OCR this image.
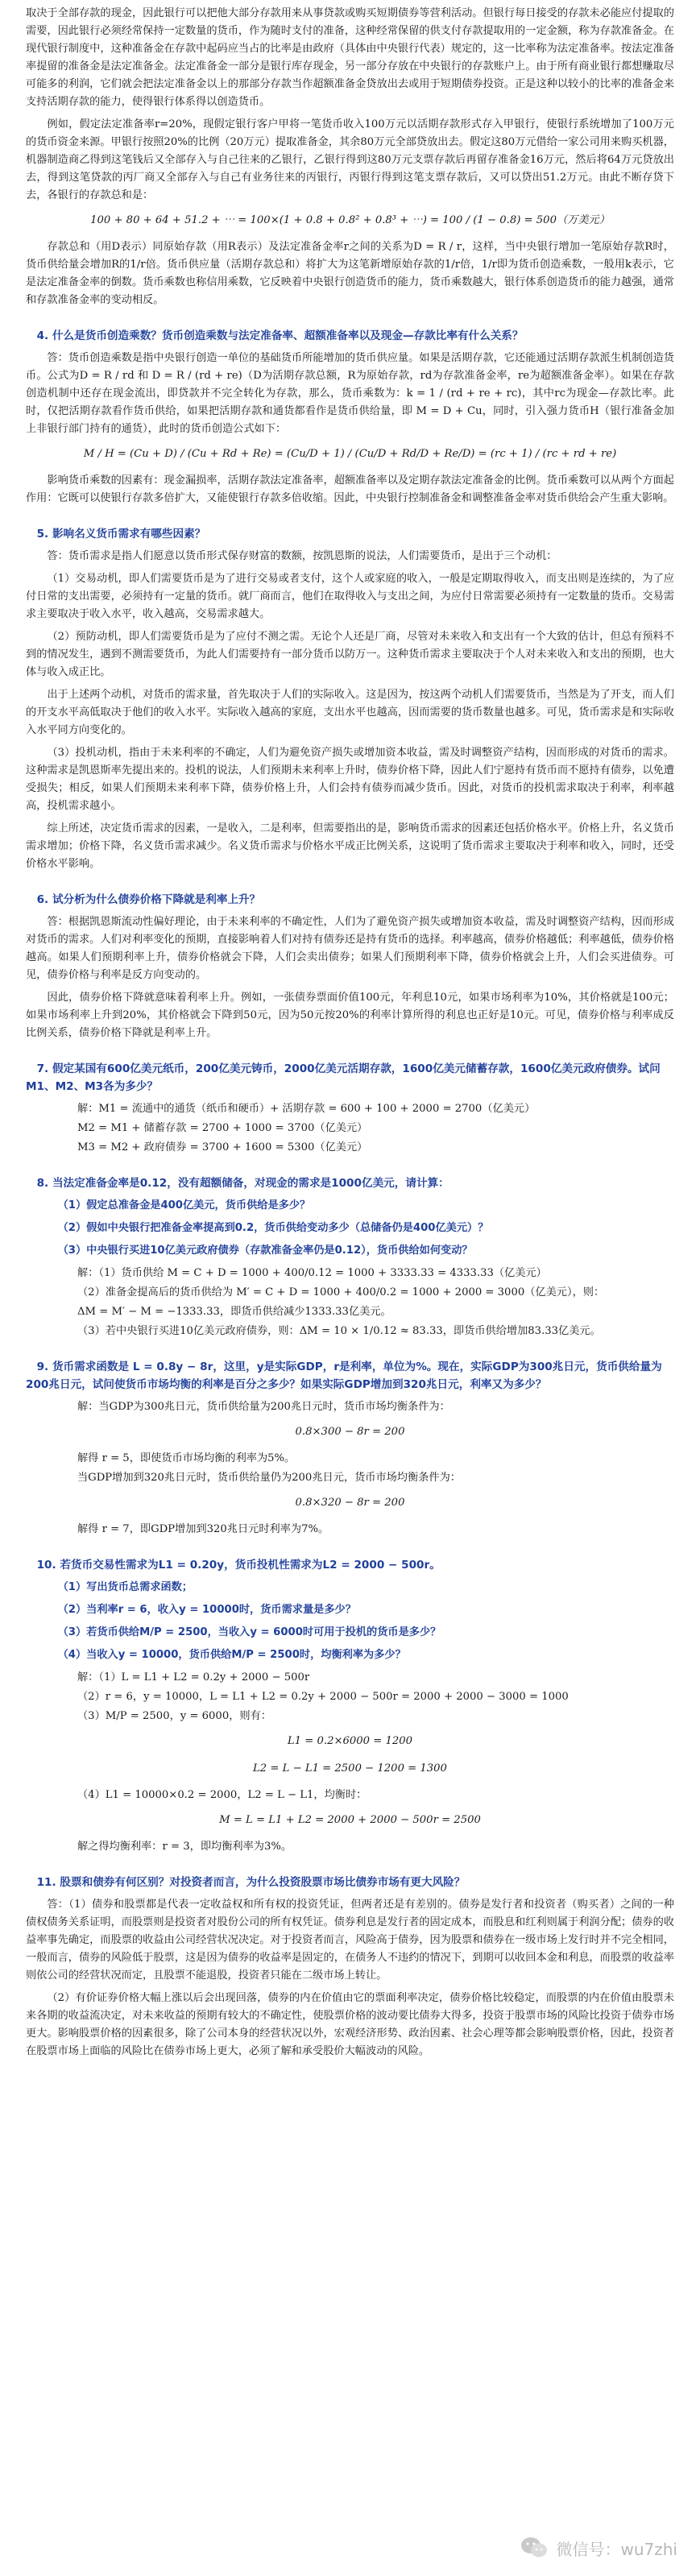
取决于全部存款的现金，因此银行可以把他大部分存款用来从事贷款或购买短期债券等营利活动。但银行每日接受的存款未必能应付提取的需要，因此银行必须经常保持一定数量的货币，作为随时支付的准备，这种经常保留的供支付存款提取用的一定金额，称为存款准备金。在现代银行制度中，这种准备金在存款中起码应当占的比率是由政府（具体由中央银行代表）规定的，这一比率称为法定准备率。按法定准备率提留的准备金是法定准备金。法定准备金一部分是银行库存现金，另一部分存放在中央银行的存款账户上。由于所有商业银行都想赚取尽可能多的利润，它们就会把法定准备金以上的那部分存款当作超额准备金贷放出去或用于短期债券投资。正是这种以较小的比率的准备金来支持活期存款的能力，使得银行体系得以创造货币。

例如，假定法定准备率r=20%，现假定银行客户甲将一笔货币收入100万元以活期存款形式存入甲银行，使银行系统增加了100万元的货币资金来源。甲银行按照20%的比例（20万元）提取准备金，其余80万元全部贷放出去。假定这80万元借给一家公司用来购买机器，机器制造商乙得到这笔钱后又全部存入与自己往来的乙银行，乙银行得到这80万元支票存款后再留存准备金16万元，然后将64万元贷放出去，得到这笔贷款的丙厂商又全部存入与自己有业务往来的丙银行，丙银行得到这笔支票存款后，又可以贷出51.2万元。由此不断存贷下去，各银行的存款总和是：

100 + 80 + 64 + 51.2 + ⋯ = 100×(1 + 0.8 + 0.8² + 0.8³ + ⋯) = 100 / (1 − 0.8) = 500（万美元）

存款总和（用D表示）同原始存款（用R表示）及法定准备金率r之间的关系为D = R / r，这样，当中央银行增加一笔原始存款R时，货币供给量会增加R的1/r倍。货币供应量（活期存款总和）将扩大为这笔新增原始存款的1/r倍，1/r即为货币创造乘数，一般用k表示，它是法定准备金率的倒数。货币乘数也称信用乘数，它反映着中央银行创造货币的能力，货币乘数越大，银行体系创造货币的能力越强，通常和存款准备金率的变动相反。

4. 什么是货币创造乘数？货币创造乘数与法定准备率、超额准备率以及现金—存款比率有什么关系？

答：货币创造乘数是指中央银行创造一单位的基础货币所能增加的货币供应量。如果是活期存款，它还能通过活期存款派生机制创造货币。公式为D = R / rd 和 D = R / (rd + re)（D为活期存款总额，R为原始存款，rd为存款准备金率，re为超额准备金率）。如果在存款创造机制中还存在现金流出，即贷款并不完全转化为存款，那么，货币乘数为：k = 1 / (rd + re + rc)，其中rc为现金—存款比率。此时，仅把活期存款看作货币供给，如果把活期存款和通货都看作是货币供给量，即 M = D + Cu，同时，引入强力货币H（银行准备金加上非银行部门持有的通货），此时的货币创造公式如下：

M / H = (Cu + D) / (Cu + Rd + Re) = (Cu/D + 1) / (Cu/D + Rd/D + Re/D) = (rc + 1) / (rc + rd + re)

影响货币乘数的因素有：现金漏损率，活期存款法定准备率，超额准备率以及定期存款法定准备金的比例。货币乘数可以从两个方面起作用：它既可以使银行存款多倍扩大，又能使银行存款多倍收缩。因此，中央银行控制准备金和调整准备金率对货币供给会产生重大影响。

5. 影响名义货币需求有哪些因素？

答：货币需求是指人们愿意以货币形式保存财富的数额，按凯恩斯的说法，人们需要货币，是出于三个动机：

（1）交易动机，即人们需要货币是为了进行交易或者支付，这个人或家庭的收入，一般是定期取得收入，而支出则是连续的，为了应付日常的支出需要，必须持有一定量的货币。就厂商而言，他们在取得收入与支出之间，为应付日常需要必须持有一定数量的货币。交易需求主要取决于收入水平，收入越高，交易需求越大。

（2）预防动机，即人们需要货币是为了应付不测之需。无论个人还是厂商，尽管对未来收入和支出有一个大致的估计，但总有预料不到的情况发生，遇到不测需要货币，为此人们需要持有一部分货币以防万一。这种货币需求主要取决于个人对未来收入和支出的预期，也大体与收入成正比。

出于上述两个动机，对货币的需求量，首先取决于人们的实际收入。这是因为，按这两个动机人们需要货币，当然是为了开支，而人们的开支水平高低取决于他们的收入水平。实际收入越高的家庭，支出水平也越高，因而需要的货币数量也越多。可见，货币需求是和实际收入水平同方向变化的。

（3）投机动机，指由于未来利率的不确定，人们为避免资产损失或增加资本收益，需及时调整资产结构，因而形成的对货币的需求。这种需求是凯恩斯率先提出来的。投机的说法，人们预期未来利率上升时，债券价格下降，因此人们宁愿持有货币而不愿持有债券，以免遭受损失；相反，如果人们预期未来利率下降，债券价格上升，人们会持有债券而减少货币。因此，对货币的投机需求取决于利率，利率越高，投机需求越小。

综上所述，决定货币需求的因素，一是收入，二是利率，但需要指出的是，影响货币需求的因素还包括价格水平。价格上升，名义货币需求增加；价格下降，名义货币需求减少。名义货币需求与价格水平成正比例关系，这说明了货币需求主要取决于利率和收入，同时，还受价格水平影响。

6. 试分析为什么债券价格下降就是利率上升？

答：根据凯恩斯流动性偏好理论，由于未来利率的不确定性，人们为了避免资产损失或增加资本收益，需及时调整资产结构，因而形成对货币的需求。人们对利率变化的预期，直接影响着人们对持有债券还是持有货币的选择。利率越高，债券价格越低；利率越低，债券价格越高。如果人们预期利率上升，债券价格就会下降，人们会卖出债券；如果人们预期利率下降，债券价格就会上升，人们会买进债券。可见，债券价格与利率是反方向变动的。

因此，债券价格下降就意味着利率上升。例如，一张债券票面价值100元，年利息10元，如果市场利率为10%，其价格就是100元；如果市场利率上升到20%，其价格就会下降到50元，因为50元按20%的利率计算所得的利息也正好是10元。可见，债券价格与利率成反比例关系，债券价格下降就是利率上升。

7. 假定某国有600亿美元纸币，200亿美元铸币，2000亿美元活期存款，1600亿美元储蓄存款，1600亿美元政府债券。试问M1、M2、M3各为多少？
解：M1 = 流通中的通货（纸币和硬币）+ 活期存款 = 600 + 100 + 2000 = 2700（亿美元）
M2 = M1 + 储蓄存款 = 2700 + 1000 = 3700（亿美元）
M3 = M2 + 政府债券 = 3700 + 1600 = 5300（亿美元）
8. 当法定准备金率是0.12，没有超额储备，对现金的需求是1000亿美元，请计算：
（1）假定总准备金是400亿美元，货币供给是多少？
（2）假如中央银行把准备金率提高到0.2，货币供给变动多少（总储备仍是400亿美元）？
（3）中央银行买进10亿美元政府债券（存款准备金率仍是0.12），货币供给如何变动？
解：（1）货币供给 M = C + D = 1000 + 400/0.12 = 1000 + 3333.33 = 4333.33（亿美元）
（2）准备金提高后的货币供给为 M′ = C + D = 1000 + 400/0.2 = 1000 + 2000 = 3000（亿美元），则：
ΔM = M′ − M = −1333.33，即货币供给减少1333.33亿美元。
（3）若中央银行买进10亿美元政府债券，则：ΔM = 10 × 1/0.12 ≈ 83.33，即货币供给增加83.33亿美元。
9. 货币需求函数是 L = 0.8y − 8r，这里，y是实际GDP，r是利率，单位为%。现在，实际GDP为300兆日元，货币供给量为200兆日元，试问使货币市场均衡的利率是百分之多少？如果实际GDP增加到320兆日元，利率又为多少？
解：当GDP为300兆日元，货币供给量为200兆日元时，货币市场均衡条件为：
0.8×300 − 8r = 200
解得 r = 5，即使货币市场均衡的利率为5%。
当GDP增加到320兆日元时，货币供给量仍为200兆日元，货币市场均衡条件为：
0.8×320 − 8r = 200
解得 r = 7，即GDP增加到320兆日元时利率为7%。
10. 若货币交易性需求为L1 = 0.20y，货币投机性需求为L2 = 2000 − 500r。
（1）写出货币总需求函数；
（2）当利率r = 6，收入y = 10000时，货币需求量是多少？
（3）若货币供给M/P = 2500，当收入y = 6000时可用于投机的货币是多少？
（4）当收入y = 10000，货币供给M/P = 2500时，均衡利率为多少？
解：（1）L = L1 + L2 = 0.2y + 2000 − 500r
（2）r = 6，y = 10000，L = L1 + L2 = 0.2y + 2000 − 500r = 2000 + 2000 − 3000 = 1000
（3）M/P = 2500，y = 6000，则有：
L1 = 0.2×6000 = 1200
L2 = L − L1 = 2500 − 1200 = 1300
（4）L1 = 10000×0.2 = 2000，L2 = L − L1，均衡时：
M = L = L1 + L2 = 2000 + 2000 − 500r = 2500
解之得均衡利率：r = 3，即均衡利率为3%。
11. 股票和债券有何区别？对投资者而言，为什么投资股票市场比债券市场有更大风险？

答：（1）债券和股票都是代表一定收益权和所有权的投资凭证，但两者还是有差别的。债券是发行者和投资者（购买者）之间的一种债权债务关系证明，而股票则是投资者对股份公司的所有权凭证。债券利息是发行者的固定成本，而股息和红利则属于利润分配；债券的收益率事先确定，而股票的收益由公司经营状况决定。对于投资者而言，风险高于债券，因为股票和债券在一级市场上发行时并不完全相同，一般而言，债券的风险低于股票，这是因为债券的收益率是固定的，在债务人不违约的情况下，到期可以收回本金和利息，而股票的收益率则依公司的经营状况而定，且股票不能退股，投资者只能在二级市场上转让。

（2）有价证券价格大幅上涨以后会出现回落，债券的内在价值由它的票面利率决定，债券价格比较稳定，而股票的内在价值由股票未来各期的收益流决定，对未来收益的预期有较大的不确定性，使股票价格的波动要比债券大得多，投资于股票市场的风险比投资于债券市场更大。影响股票价格的因素很多，除了公司本身的经营状况以外，宏观经济形势、政治因素、社会心理等都会影响股票价格，因此，投资者在股票市场上面临的风险比在债券市场上更大，必须了解和承受股价大幅波动的风险。

微信号：wu7zhi
